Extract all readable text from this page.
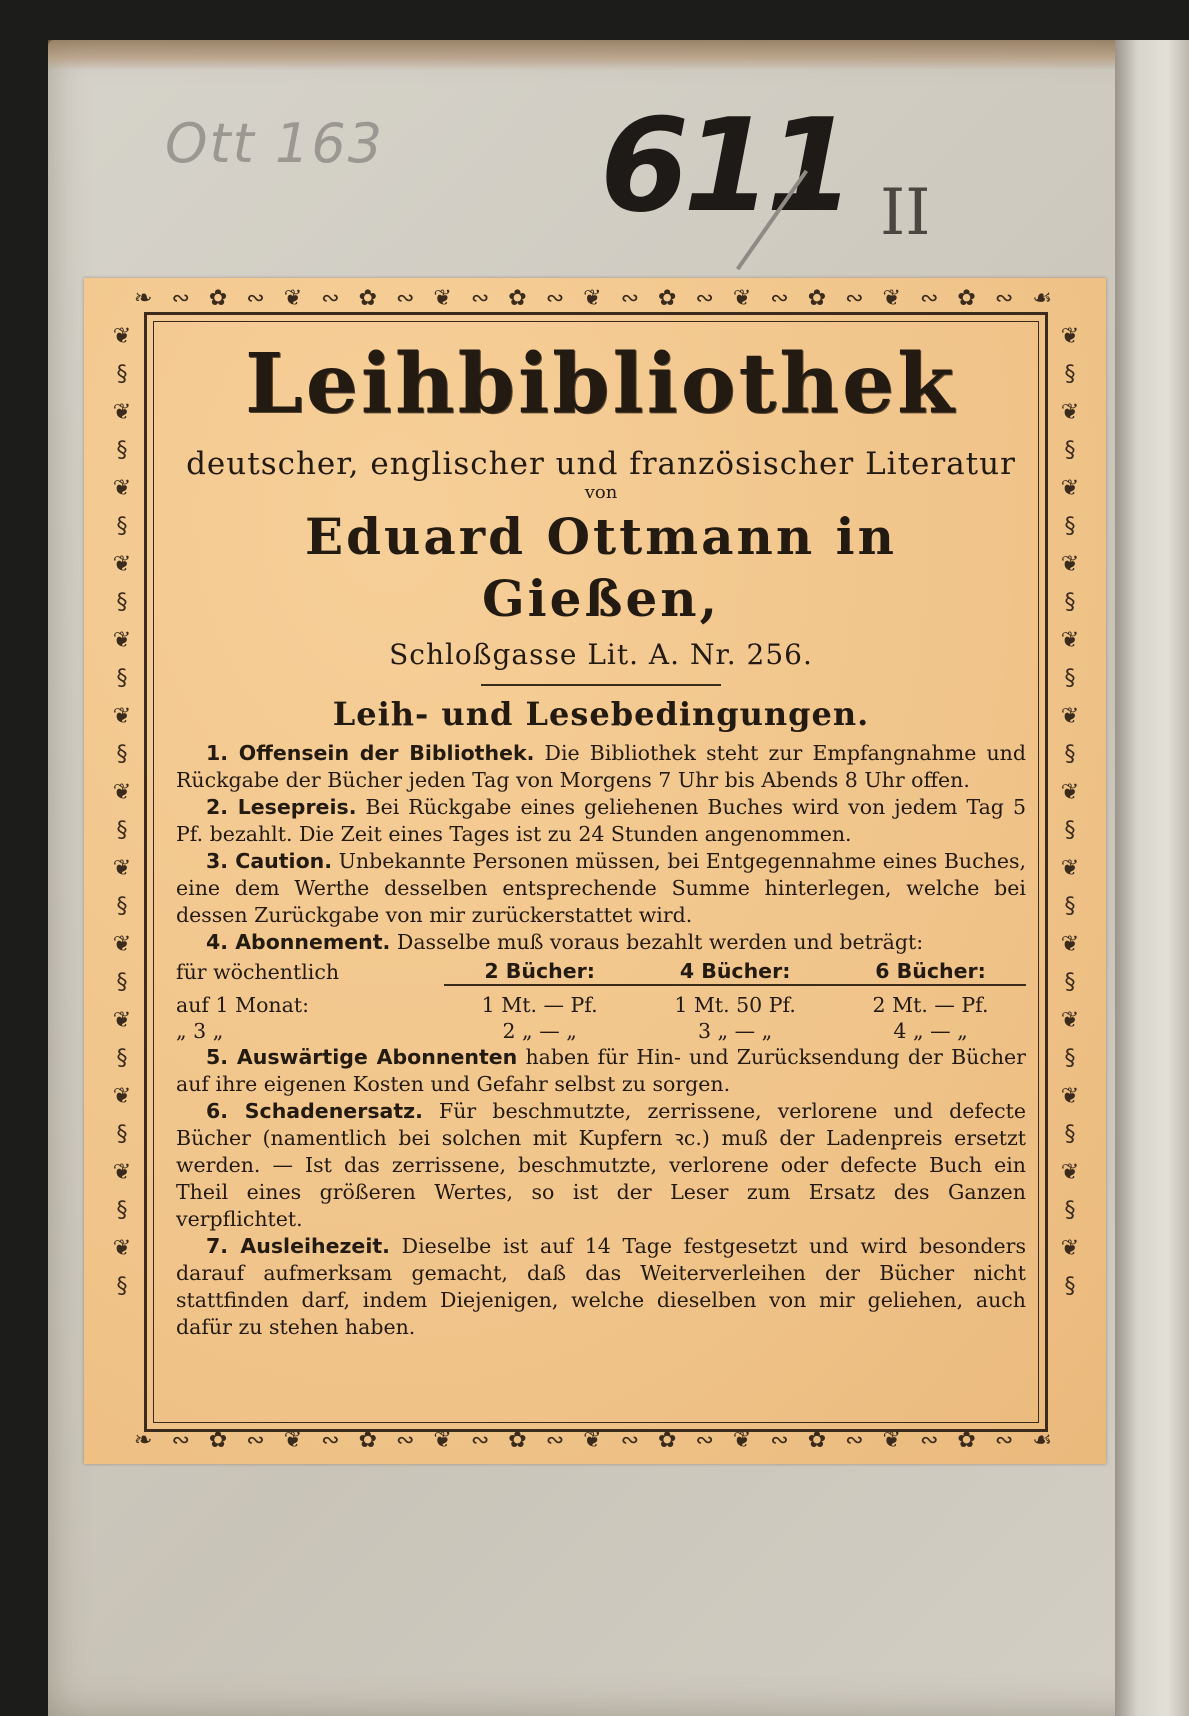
Ott 163 611 II
❧ ∾ ✿ ∾ ❦ ∾ ✿ ∾ ❦ ∾ ✿ ∾ ❦ ∾ ✿ ∾ ❦ ∾ ✿ ∾ ❦ ∾ ✿ ∾ ☙
❧ ∾ ✿ ∾ ❦ ∾ ✿ ∾ ❦ ∾ ✿ ∾ ❦ ∾ ✿ ∾ ❦ ∾ ✿ ∾ ❦ ∾ ✿ ∾ ☙
❦ § ❦ § ❦ § ❦ § ❦ § ❦ § ❦ § ❦ § ❦ § ❦ § ❦ § ❦ § ❦ §
❦ § ❦ § ❦ § ❦ § ❦ § ❦ § ❦ § ❦ § ❦ § ❦ § ❦ § ❦ § ❦ §
Leihbibliothek

deutscher, englischer und französischer Literatur

von

Eduard Ottmann in Gießen,

Schloßgasse Lit. A. Nr. 256.

Leih- und Lesebedingungen.

1. Offensein der Bibliothek. Die Bibliothek steht zur Empfangnahme und Rückgabe der Bücher jeden Tag von Morgens 7 Uhr bis Abends 8 Uhr offen.

2. Lesepreis. Bei Rückgabe eines geliehenen Buches wird von jedem Tag 5 Pf. bezahlt. Die Zeit eines Tages ist zu 24 Stunden angenommen.

3. Caution. Unbekannte Personen müssen, bei Entgegennahme eines Buches, eine dem Werthe desselben entsprechende Summe hinterlegen, welche bei dessen Zurückgabe von mir zurückerstattet wird.

4. Abonnement. Dasselbe muß voraus bezahlt werden und beträgt:

für wöchentlich	2 Bücher:	4 Bücher:	6 Bücher:

auf 1 Monat:	1 Mt. — Pf.	1 Mt. 50 Pf.	2 Mt. — Pf.
„ 3 „	2 „ — „	3 „ — „	4 „ — „

5. Auswärtige Abonnenten haben für Hin- und Zurücksendung der Bücher auf ihre eigenen Kosten und Gefahr selbst zu sorgen.

6. Schadenersatz. Für beschmutzte, zerrissene, verlorene und defecte Bücher (namentlich bei solchen mit Kupfern ꝛc.) muß der Ladenpreis ersetzt werden. — Ist das zerrissene, beschmutzte, verlorene oder defecte Buch ein Theil eines größeren Wertes, so ist der Leser zum Ersatz des Ganzen verpflichtet.

7. Ausleihezeit. Dieselbe ist auf 14 Tage festgesetzt und wird besonders darauf aufmerksam gemacht, daß das Weiterverleihen der Bücher nicht stattfinden darf, indem Diejenigen, welche dieselben von mir geliehen, auch dafür zu stehen haben.
